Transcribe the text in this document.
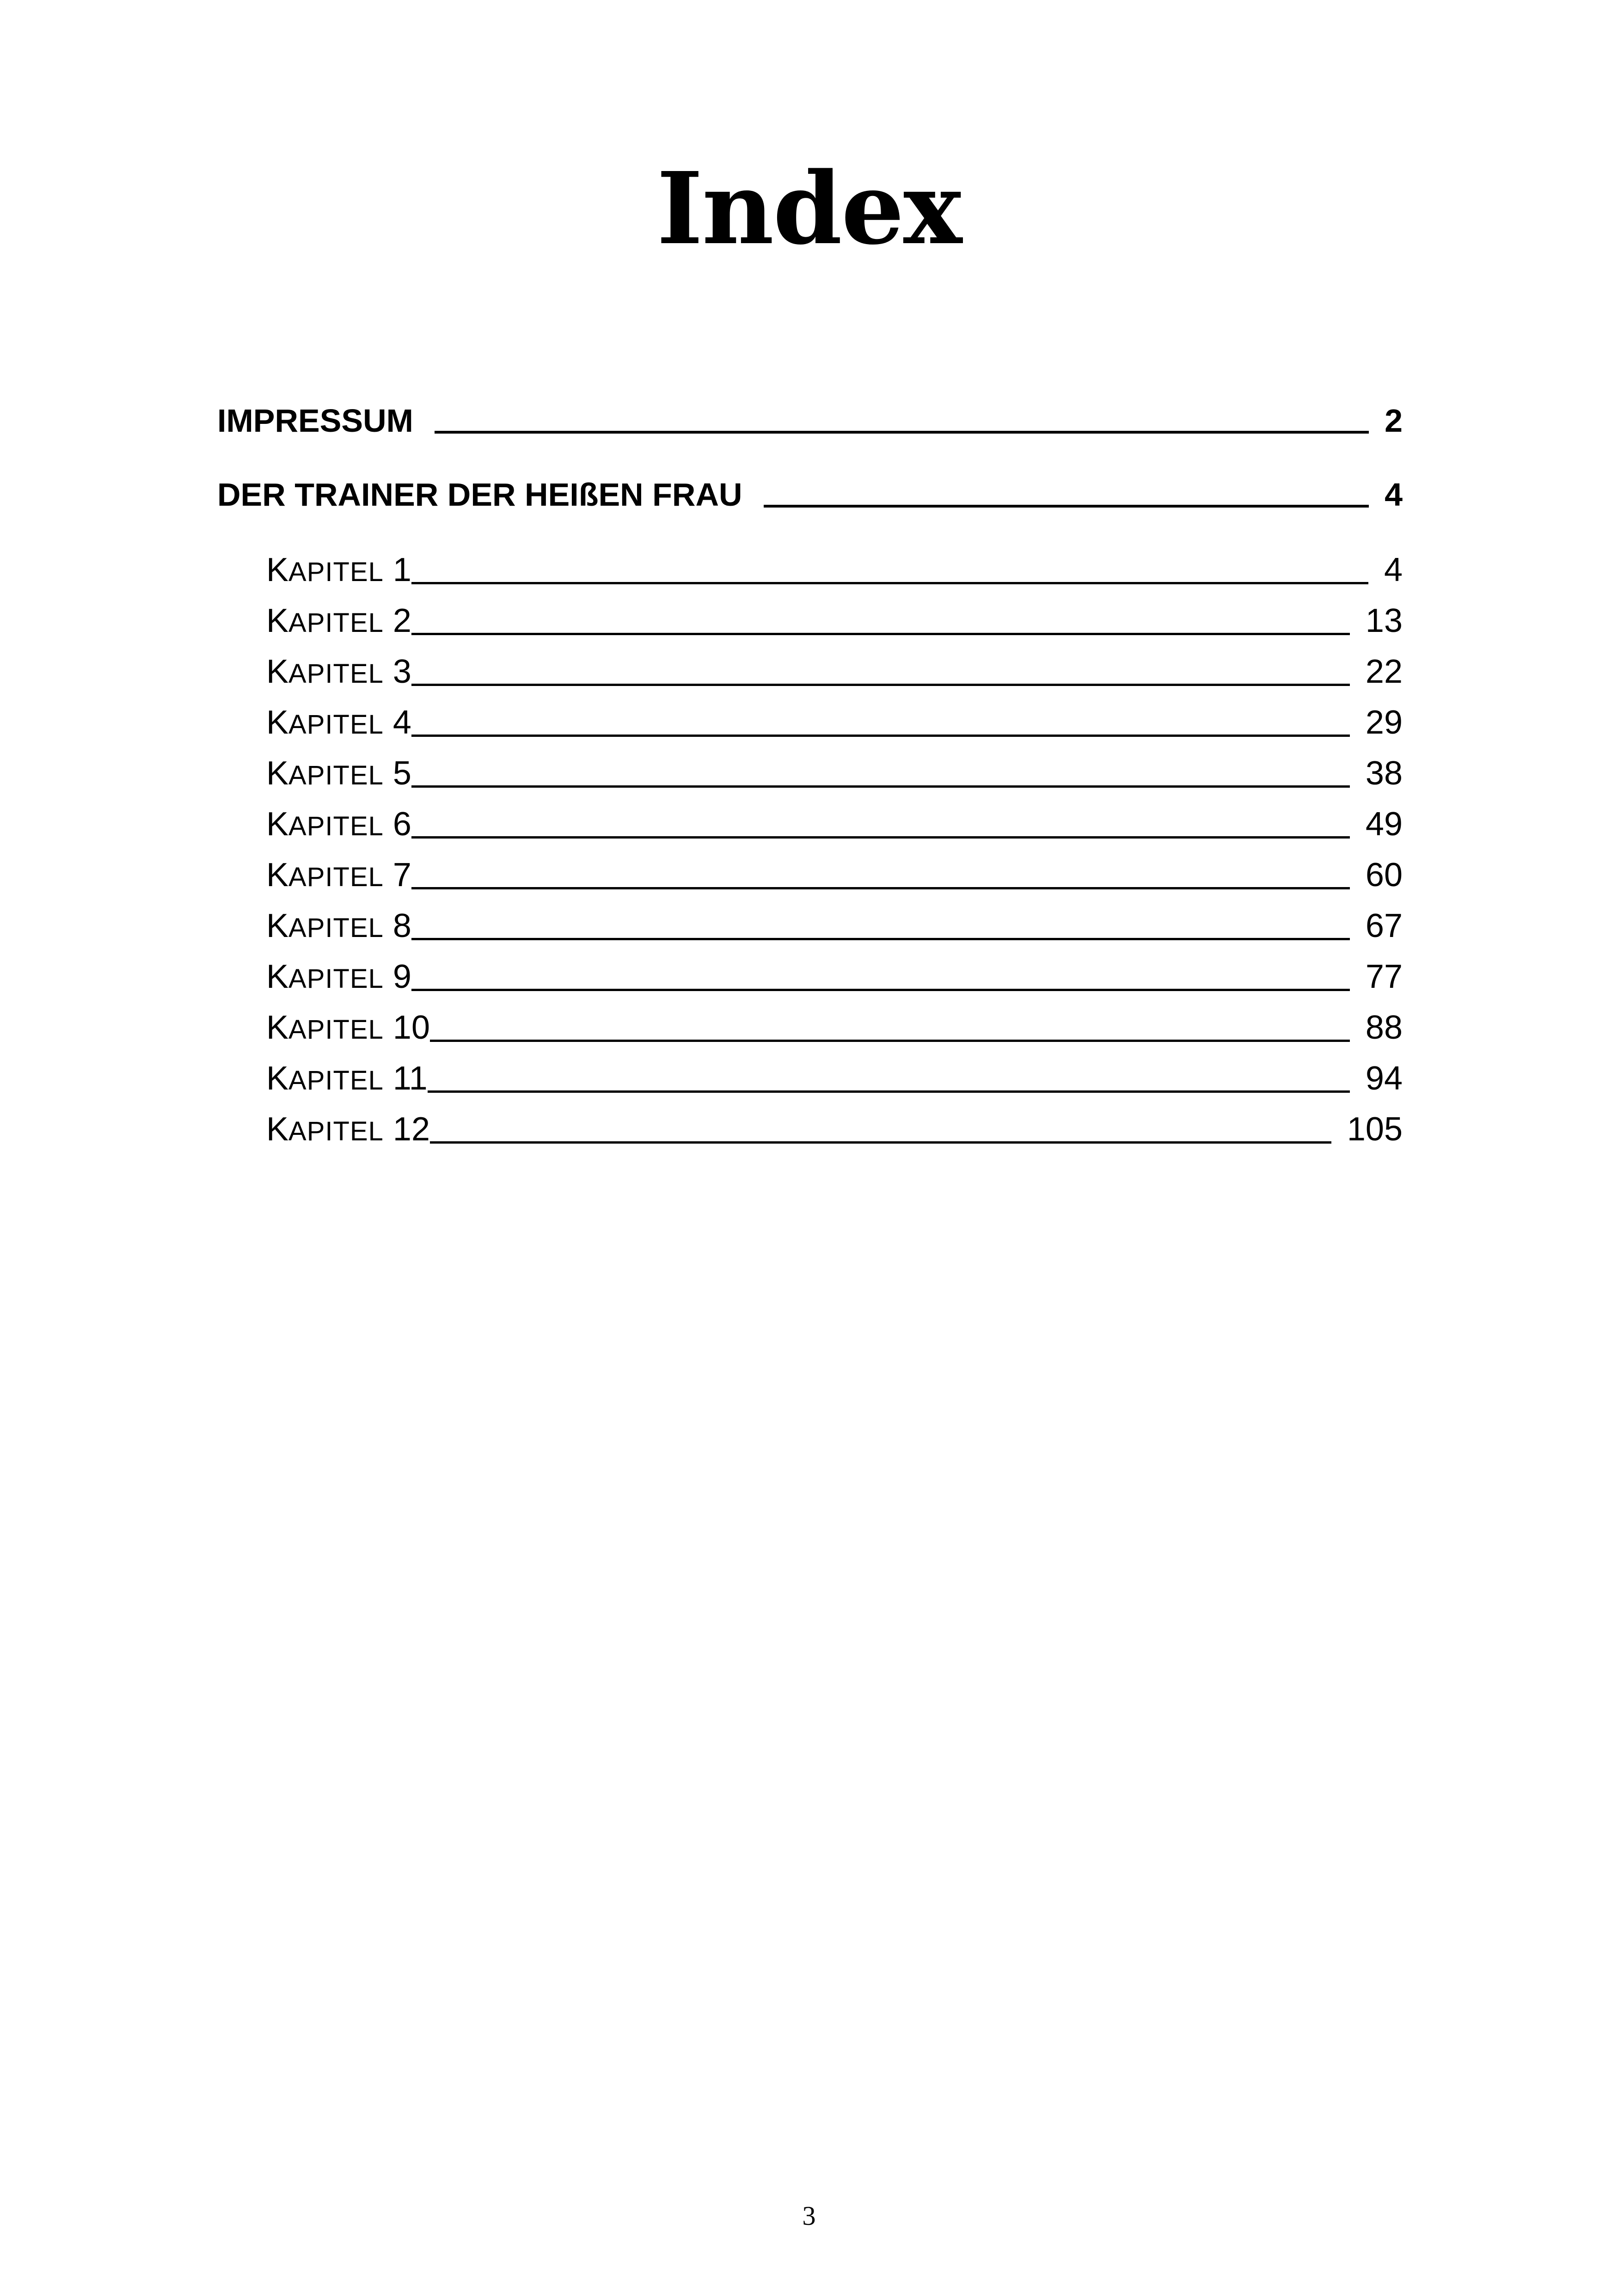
Index
IMPRESSUM	2
DER TRAINER DER HEIßEN FRAU	4
KAPITEL 1	4
KAPITEL 2	13
KAPITEL 3	22
KAPITEL 4	29
KAPITEL 5	38
KAPITEL 6	49
KAPITEL 7	60
KAPITEL 8	67
KAPITEL 9	77
KAPITEL 10	88
KAPITEL 11	94
KAPITEL 12	105
3
